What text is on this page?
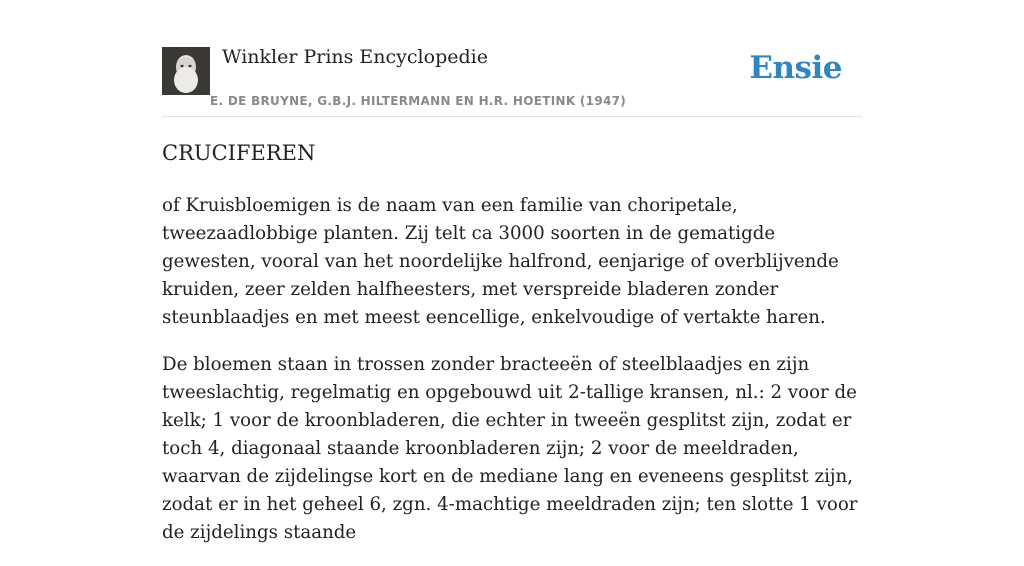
Winkler Prins Encyclopedie
E. DE BRUYNE, G.B.J. HILTERMANN EN H.R. HOETINK (1947)
Ensie
CRUCIFEREN

of Kruisbloemigen is de naam van een familie van choripetale, tweezaadlobbige planten. Zij telt ca 3000 soorten in de gematigde gewesten, vooral van het noordelijke halfrond, eenjarige of overblijvende kruiden, zeer zelden halfheesters, met verspreide bladeren zonder steunblaadjes en met meest eencellige, enkelvoudige of vertakte haren.

De bloemen staan in trossen zonder bracteeën of steelblaadjes en zijn tweeslachtig, regelmatig en opgebouwd uit 2-tallige kransen, nl.: 2 voor de kelk; 1 voor de kroonbladeren, die echter in tweeën gesplitst zijn, zodat er toch 4, diagonaal staande kroonbladeren zijn; 2 voor de meeldraden, waarvan de zijdelingse kort en de mediane lang en eveneens gesplitst zijn, zodat er in het geheel 6, zgn. 4-machtige meeldraden zijn; ten slotte 1 voor de zijdelings staande
